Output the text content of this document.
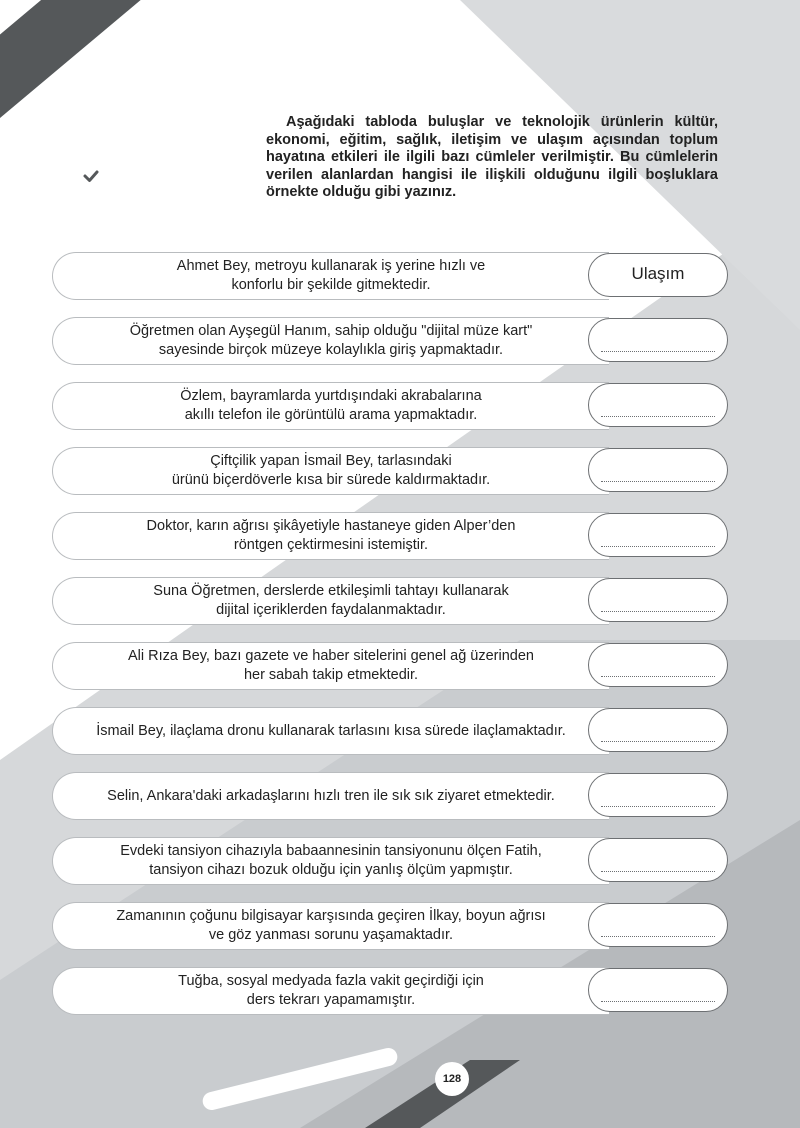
DEĞERLENDİRELİM	Aşağıdaki tabloda buluşlar ve teknolojik ürünlerin kültür, ekonomi, eğitim, sağlık, iletişim ve ulaşım açısından toplum hayatına etkileri ile ilgili bazı cümleler verilmiştir. Bu cümlelerin verilen alanlardan hangisi ile ilişkili olduğunu ilgili boşluklara örnekte olduğu gibi yazınız.

Ahmet Bey, metroyu kullanarak iş yerine hızlı ve
konforlu bir şekilde gitmektedir.
Ulaşım
Öğretmen olan Ayşegül Hanım, sahip olduğu "dijital müze kart"
sayesinde birçok müzeye kolaylıkla giriş yapmaktadır.
Özlem, bayramlarda yurtdışındaki akrabalarına
akıllı telefon ile görüntülü arama yapmaktadır.
Çiftçilik yapan İsmail Bey, tarlasındaki
ürünü biçerdöverle kısa bir sürede kaldırmaktadır.
Doktor, karın ağrısı şikâyetiyle hastaneye giden Alper’den
röntgen çektirmesini istemiştir.
Suna Öğretmen, derslerde etkileşimli tahtayı kullanarak
dijital içeriklerden faydalanmaktadır.
Ali Rıza Bey, bazı gazete ve haber sitelerini genel ağ üzerinden
her sabah takip etmektedir.
İsmail Bey, ilaçlama dronu kullanarak tarlasını kısa sürede ilaçlamaktadır.
Selin, Ankara'daki arkadaşlarını hızlı tren ile sık sık ziyaret etmektedir.
Evdeki tansiyon cihazıyla babaannesinin tansiyonunu ölçen Fatih,
tansiyon cihazı bozuk olduğu için yanlış ölçüm yapmıştır.
Zamanının çoğunu bilgisayar karşısında geçiren İlkay, boyun ağrısı
ve göz yanması sorunu yaşamaktadır.
Tuğba, sosyal medyada fazla vakit geçirdiği için
ders tekrarı yapamamıştır.
128
